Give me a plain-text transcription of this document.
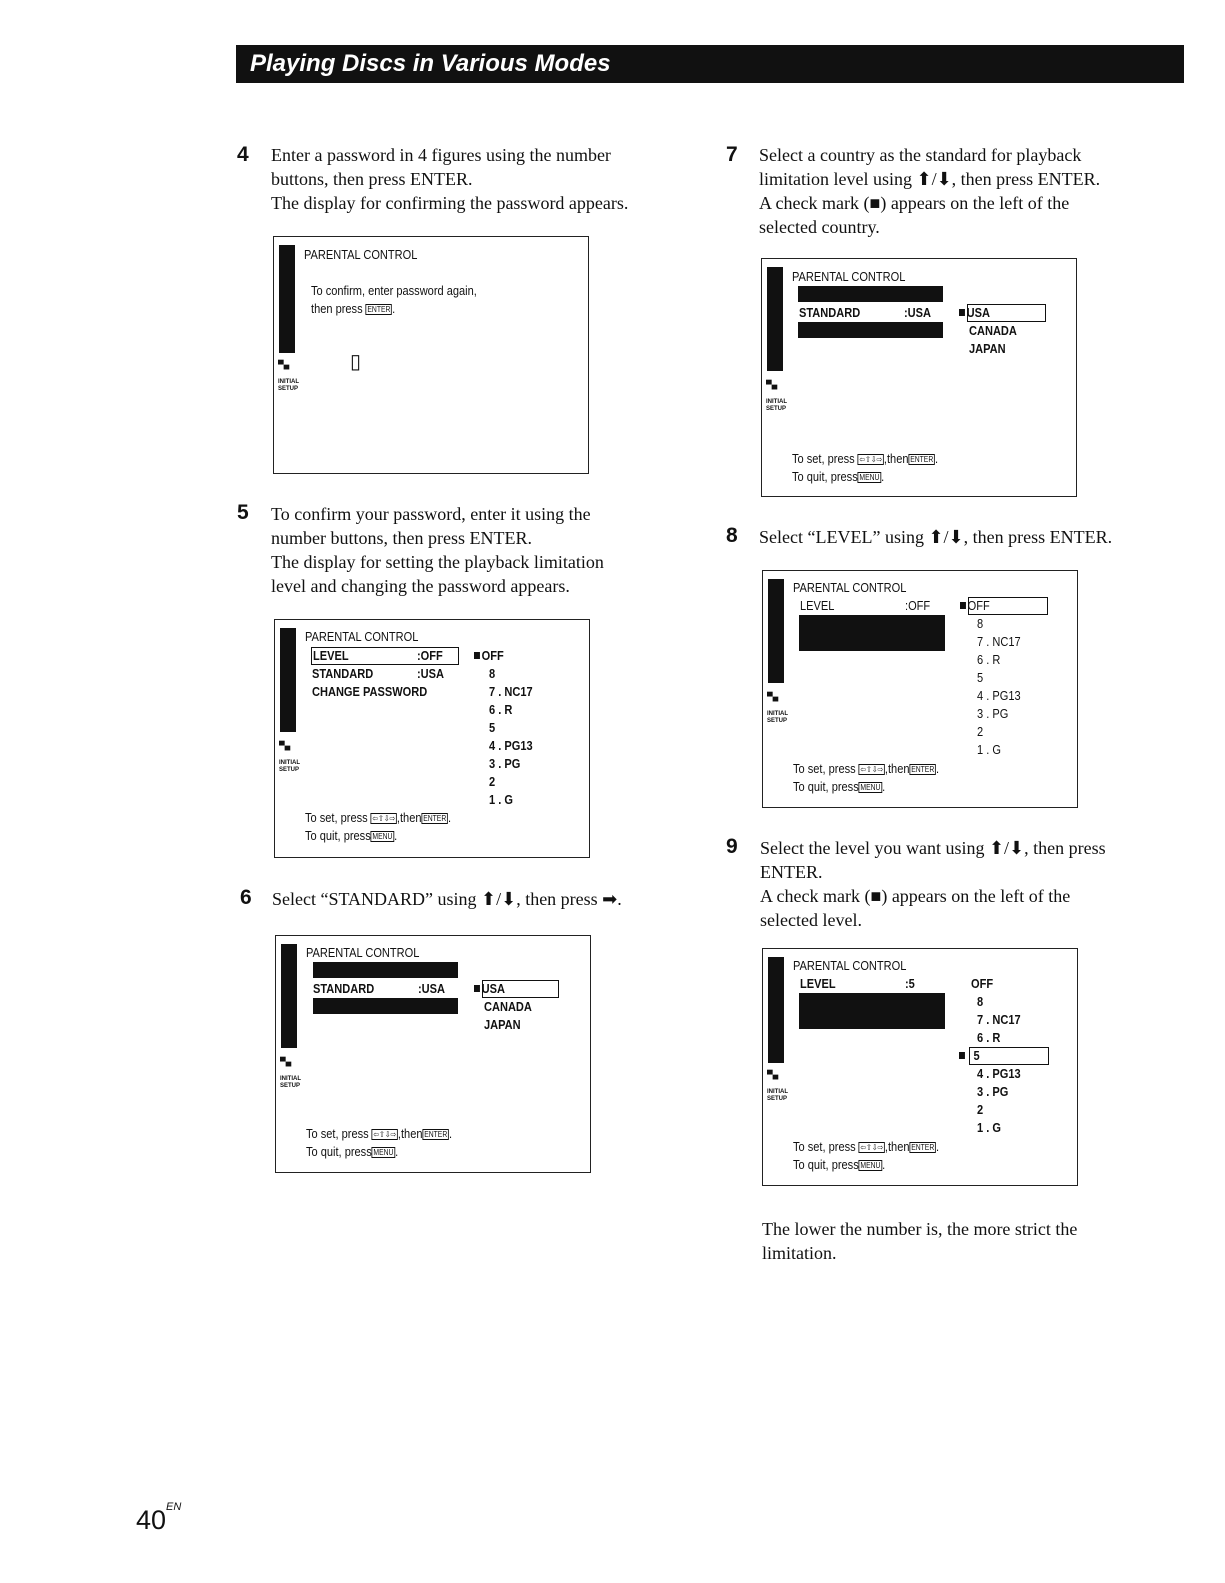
Playing Discs in Various Modes
4 Enter a password in 4 figures using the number

buttons, then press ENTER.

The display for confirming the password appears.

▀▄
INITIAL SETUP
PARENTAL CONTROL
To confirm, enter password again,
then press ENTER .
▯
5 To confirm your password, enter it using the

number buttons, then press ENTER.

The display for setting the playback limitation

level and changing the password appears.

▀▄
INITIAL SETUP
PARENTAL CONTROL
LEVEL	:OFF
STANDARD	:USA
CHANGE PASSWORD
OFF
8
7 . NC17
6 . R
5
4 . PG13
3 . PG
2
1 . G
To set, press ⇦⇧⇩⇨ ,then ENTER .
To quit, press MENU .
6 Select “STANDARD” using ⬆/⬇, then press ➡.

▀▄
INITIAL SETUP
PARENTAL CONTROL
STANDARD	:USA	USA
CANADA
JAPAN
To set, press ⇦⇧⇩⇨ ,then ENTER .
To quit, press MENU .
7 Select a country as the standard for playback

limitation level using ⬆/⬇, then press ENTER.

A check mark (■) appears on the left of the

selected country.

▀▄
INITIAL SETUP
PARENTAL CONTROL
STANDARD	:USA	USA
CANADA
JAPAN
To set, press ⇦⇧⇩⇨ ,then ENTER .
To quit, press MENU .
8 Select “LEVEL” using ⬆/⬇, then press ENTER.

▀▄
INITIAL SETUP
PARENTAL CONTROL
LEVEL	:OFF	OFF
8
7 . NC17
6 . R
5
4 . PG13
3 . PG
2
1 . G
To set, press ⇦⇧⇩⇨ ,then ENTER .
To quit, press MENU .
9 Select the level you want using ⬆/⬇, then press

ENTER.

A check mark (■) appears on the left of the

selected level.

▀▄
INITIAL SETUP
PARENTAL CONTROL
LEVEL	:5	OFF
8
7 . NC17
6 . R
5
4 . PG13
3 . PG
2
1 . G
To set, press ⇦⇧⇩⇨ ,then ENTER .
To quit, press MENU .
The lower the number is, the more strict the
limitation.
$40^{EN}$
